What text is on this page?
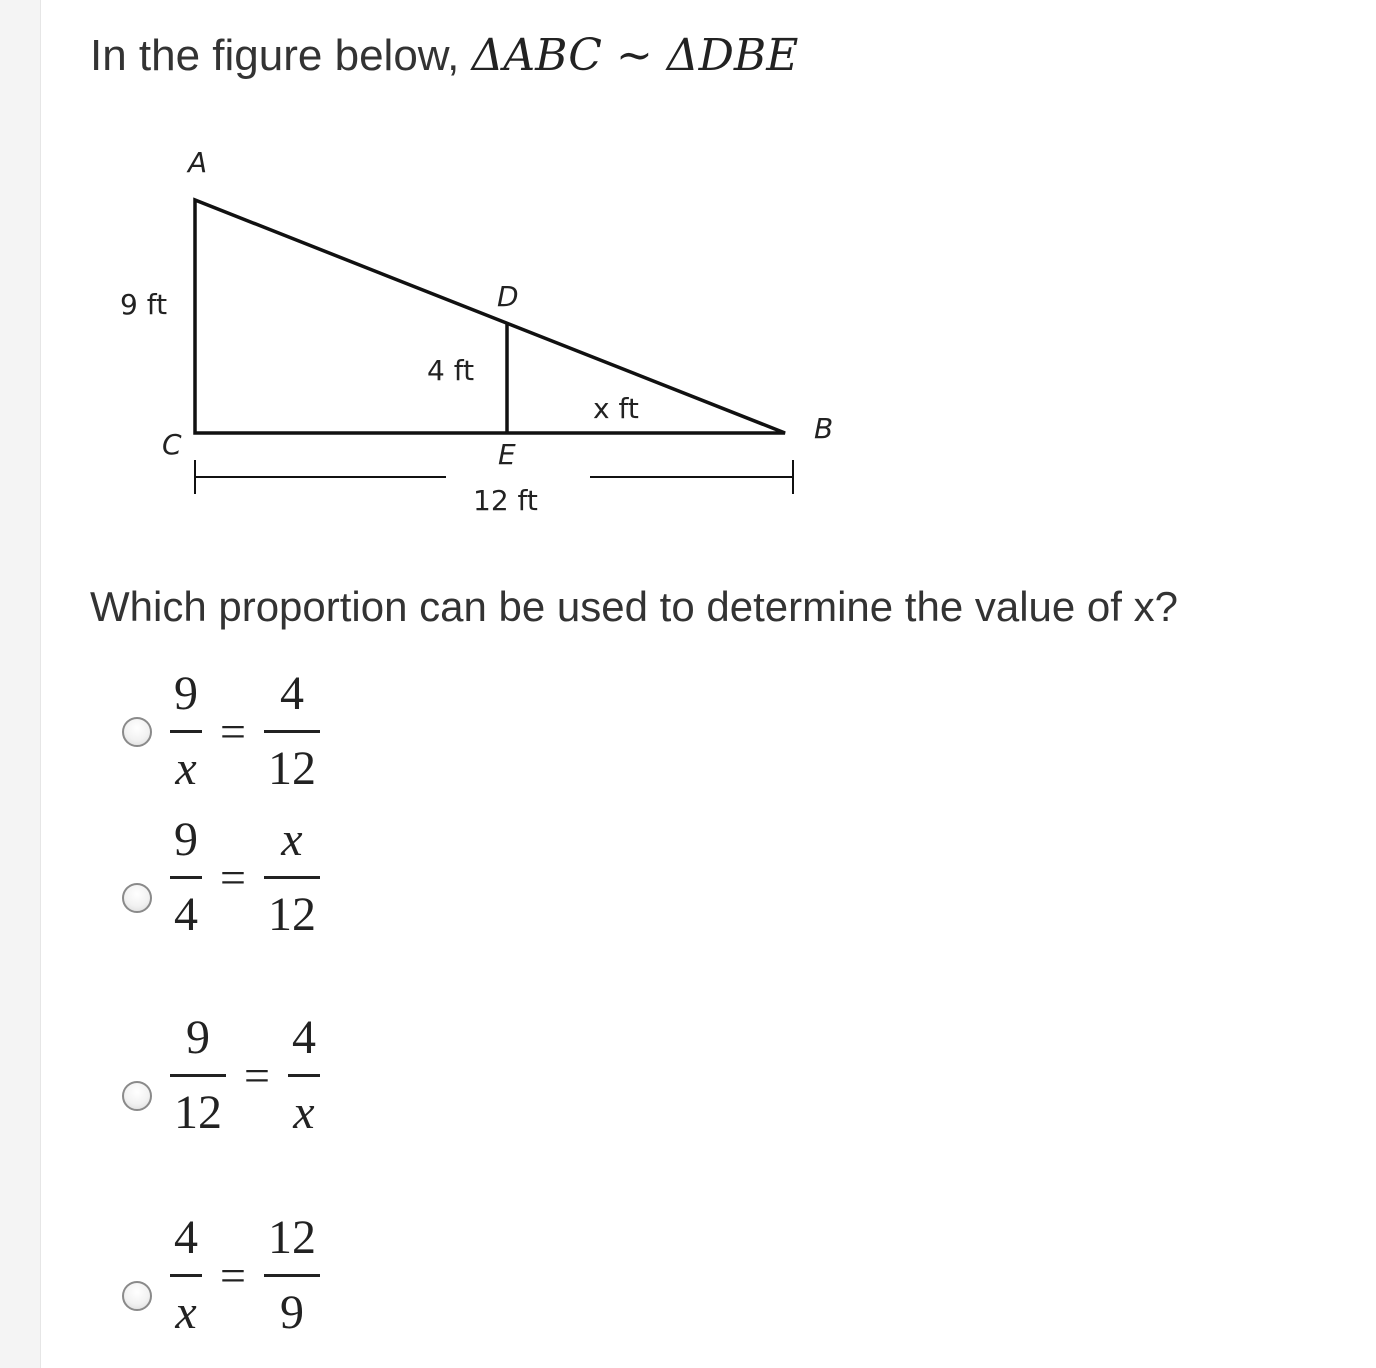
In the figure below, ΔABC ~ ΔDBE
A
D
B
C	E
9 ft
4 ft
x ft
12 ft
Which proportion can be used to determine the value of x?
$\frac{9}{x} = \frac{4}{12}$
$\frac{9}{4} = \frac{x}{12}$
$\frac{9}{12} = \frac{4}{x}$
$\frac{4}{x} = \frac{12}{9}$
